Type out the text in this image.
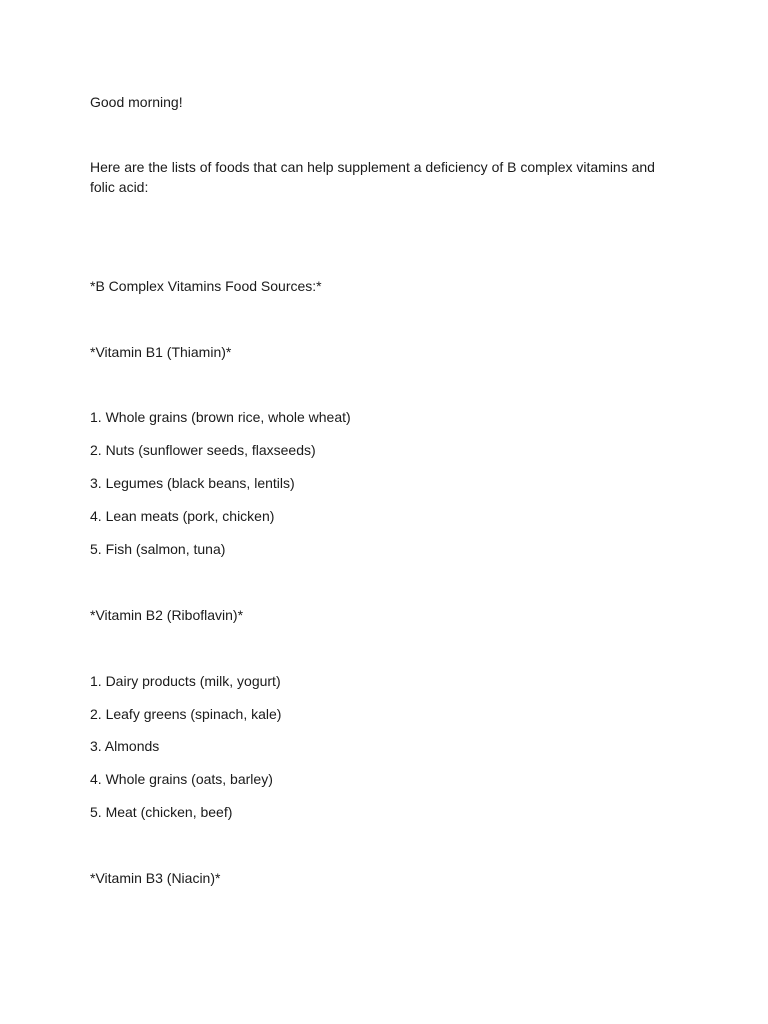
Good morning!

Here are the lists of foods that can help supplement a deficiency of B complex vitamins and folic acid:

*B Complex Vitamins Food Sources:*

*Vitamin B1 (Thiamin)*

1. Whole grains (brown rice, whole wheat)

2. Nuts (sunflower seeds, flaxseeds)

3. Legumes (black beans, lentils)

4. Lean meats (pork, chicken)

5. Fish (salmon, tuna)

*Vitamin B2 (Riboflavin)*

1. Dairy products (milk, yogurt)

2. Leafy greens (spinach, kale)

3. Almonds

4. Whole grains (oats, barley)

5. Meat (chicken, beef)

*Vitamin B3 (Niacin)*
